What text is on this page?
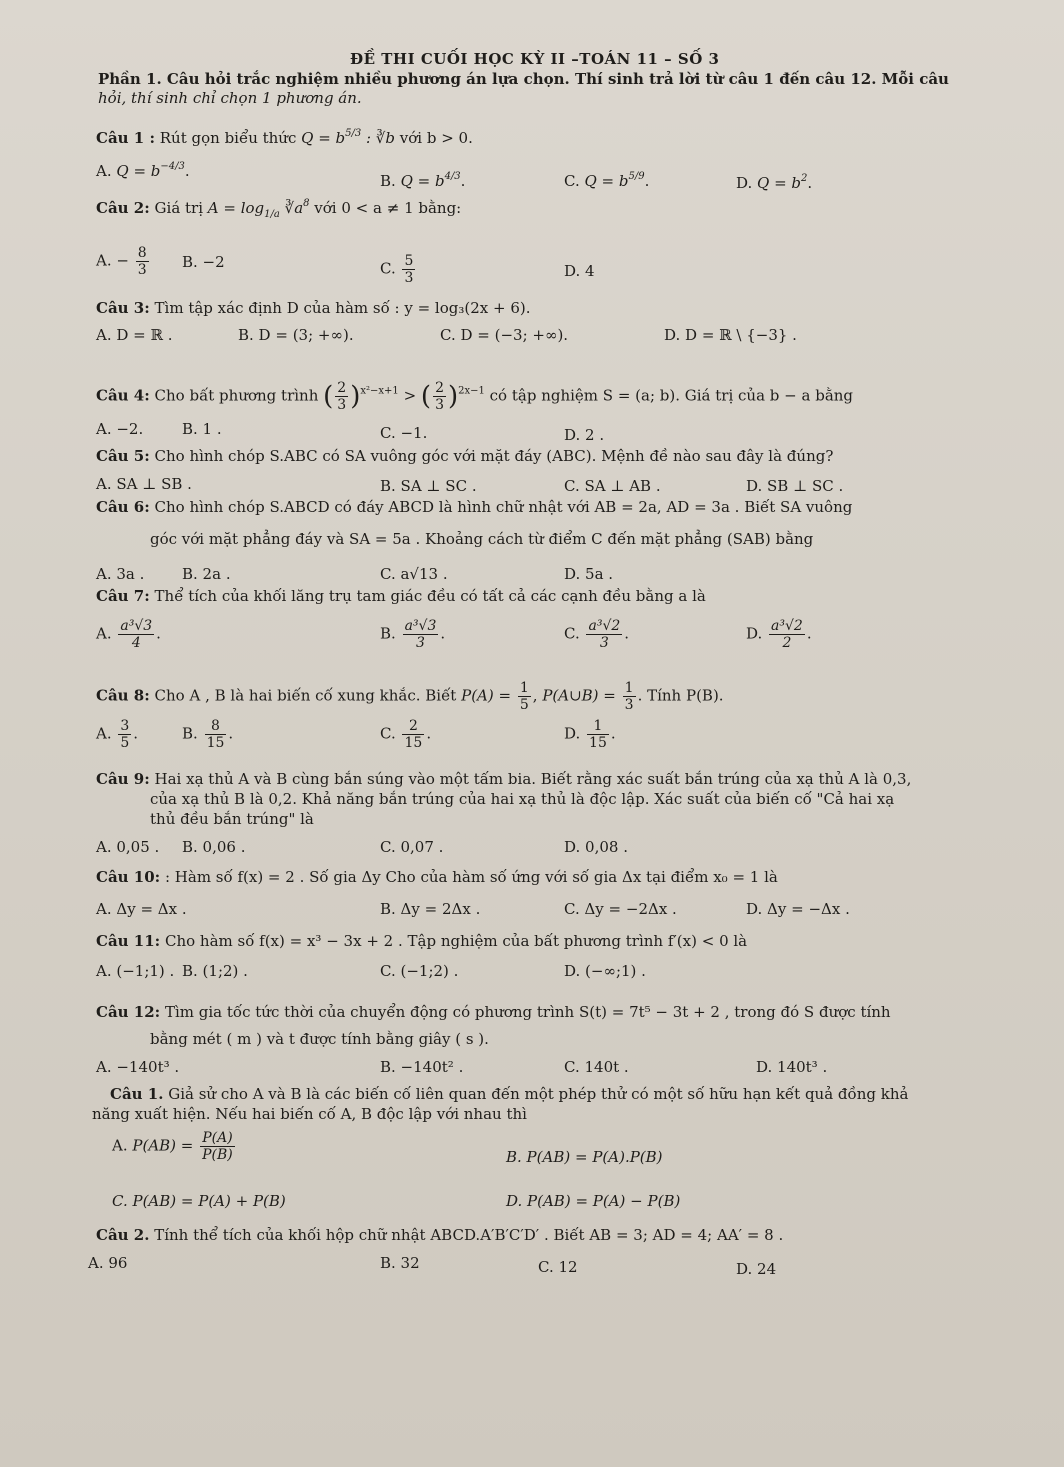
ĐỀ THI CUỐI HỌC KỲ II –TOÁN 11 – SỐ 3
Phần 1. Câu hỏi trắc nghiệm nhiều phương án lựa chọn. Thí sinh trả lời từ câu 1 đến câu 12. Mỗi câu
hỏi, thí sinh chỉ chọn 1 phương án.
Câu 1 : Rút gọn biểu thức $Q = b^{5/3}$ : ∛b với b > 0.
A. $Q = b^{-4/3}$.
B. $Q = b^{4/3}$.	C. $Q = b^{5/9}$.	D. $Q = b^2$.
Câu 2: Giá trị $A = \log_{1/a}$ $∛a^8$ với 0 < a ≠ 1 bằng:
A. − $\frac{8}{3} B$. −2	C. $\frac{5}{3}$	D. 4
Câu 3: Tìm tập xác định D của hàm số : y = log₃(2x + 6).
A. D = ℝ .	B. D = (3; +∞).	C. D = (−3; +∞).	D. D = ℝ \ {−3} .
Câu 4: Cho bất phương trình ( $\frac{2}{3} )^{x^2-x+1}$ > ( $\frac{2}{3} )^{2x-1}$ có tập nghiệm S = (a; b). Giá trị của b − a bằng
A. −2.	B. 1 .	C. −1.	D. 2 .
Câu 5: Cho hình chóp S.ABC có SA vuông góc với mặt đáy (ABC). Mệnh đề nào sau đây là đúng?
A. SA ⊥ SB .	B. SA ⊥ SC .	C. SA ⊥ AB .	D. SB ⊥ SC .
Câu 6: Cho hình chóp S.ABCD có đáy ABCD là hình chữ nhật với AB = 2a, AD = 3a . Biết SA vuông
góc với mặt phẳng đáy và SA = 5a . Khoảng cách từ điểm C đến mặt phẳng (SAB) bằng
A. 3a .	B. 2a .	C. a√13 .	D. 5a .
Câu 7: Thể tích của khối lăng trụ tam giác đều có tất cả các cạnh đều bằng a là
A. $\frac{\text{a³√3}}{4}$ .	B. $\frac{\text{a³√3}}{3}$ .	C. $\frac{\text{a³√2}}{3}$ .	D. $\frac{\text{a³√2}}{2}$ .
Câu 8: Cho A , B là hai biến cố xung khắc. Biết $P(A) = \frac{1}{5}$ , P(A∪B) = $\frac{1}{3}$ . Tính P(B).
A. $\frac{3}{5}$ .	B. $\frac{8}{15}$ .	C. $\frac{2}{15}$ .	D. $\frac{1}{15}$ .
Câu 9: Hai xạ thủ A và B cùng bắn súng vào một tấm bia. Biết rằng xác suất bắn trúng của xạ thủ A là 0,3,
của xạ thủ B là 0,2. Khả năng bắn trúng của hai xạ thủ là độc lập. Xác suất của biến cố "Cả hai xạ
thủ đều bắn trúng" là
A. 0,05 . B. 0,06 .	C. 0,07 .	D. 0,08 .
Câu 10: : Hàm số f(x) = 2 . Số gia Δy Cho của hàm số ứng với số gia Δx tại điểm x₀ = 1 là
A. Δy = Δx .	B. Δy = 2Δx .	C. Δy = −2Δx .	D. Δy = −Δx .
Câu 11: Cho hàm số f(x) = x³ − 3x + 2 . Tập nghiệm của bất phương trình f′(x) < 0 là
A. (−1;1) . B. (1;2) .	C. (−1;2) .	D. (−∞;1) .
Câu 12: Tìm gia tốc tức thời của chuyển động có phương trình S(t) = 7t⁵ − 3t + 2 , trong đó S được tính
bằng mét ( m ) và t được tính bằng giây ( s ).
A. −140t³ .	B. −140t² .	C. 140t .	D. 140t³ .
Câu 1. Giả sử cho A và B là các biến cố liên quan đến một phép thử có một số hữu hạn kết quả đồng khả
năng xuất hiện. Nếu hai biến cố A, B độc lập với nhau thì
A. $P(AB) = \frac{P(A)}{P(B)}$	B. P(AB) = P(A).P(B)
C. P(AB) = P(A) + P(B)	D. P(AB) = P(A) − P(B)
Câu 2. Tính thể tích của khối hộp chữ nhật ABCD.A′B′C′D′ . Biết AB = 3; AD = 4; AA′ = 8 .
A. 96	B. 32	C. 12	D. 24
